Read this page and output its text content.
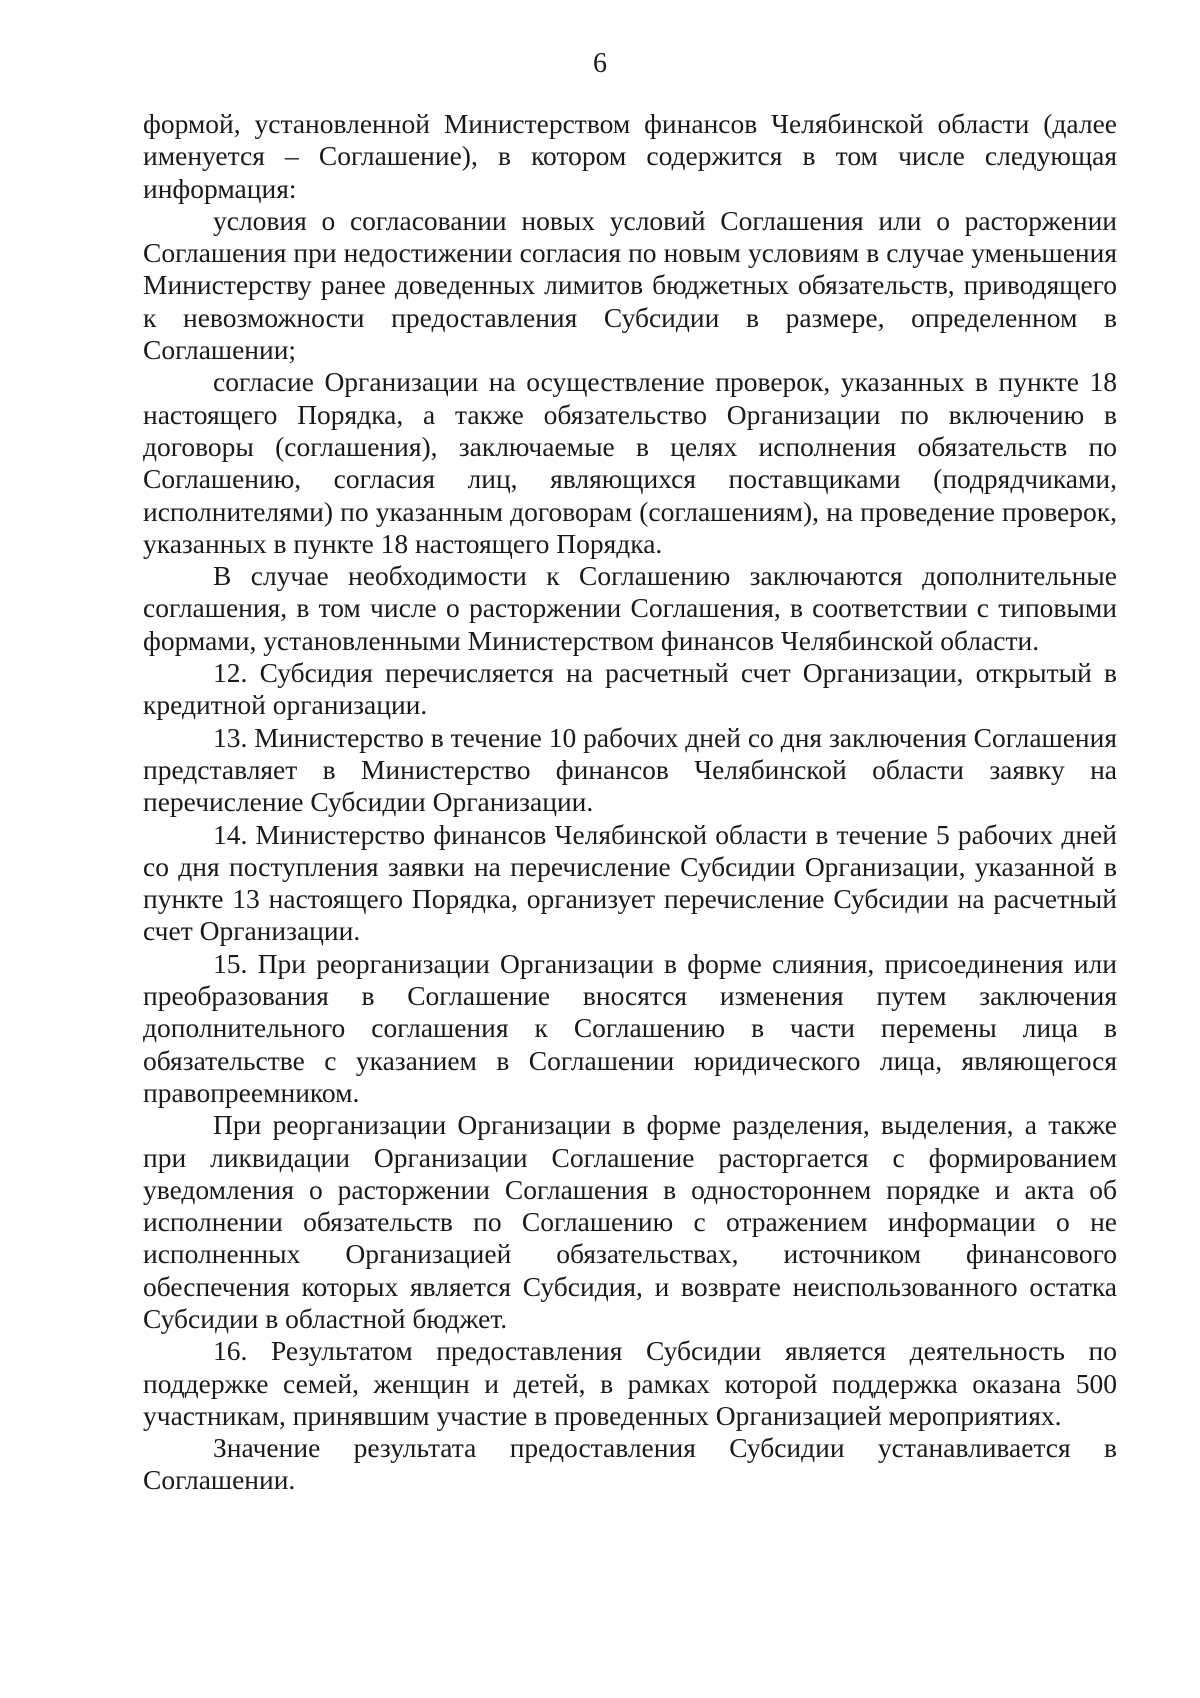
6

формой, установленной Министерством финансов Челябинской области (далее именуется – Соглашение), в котором содержится в том числе следующая информация:

условия о согласовании новых условий Соглашения или о расторжении Соглашения при недостижении согласия по новым условиям в случае уменьшения Министерству ранее доведенных лимитов бюджетных обязательств, приводящего к невозможности предоставления Субсидии в размере, определенном в Соглашении;

согласие Организации на осуществление проверок, указанных в пункте 18 настоящего Порядка, а также обязательство Организации по включению в договоры (соглашения), заключаемые в целях исполнения обязательств по Соглашению, согласия лиц, являющихся поставщиками (подрядчиками, исполнителями) по указанным договорам (соглашениям), на проведение проверок, указанных в пункте 18 настоящего Порядка.

В случае необходимости к Соглашению заключаются дополнительные соглашения, в том числе о расторжении Соглашения, в соответствии с типовыми формами, установленными Министерством финансов Челябинской области.

12. Субсидия перечисляется на расчетный счет Организации, открытый в кредитной организации.

13. Министерство в течение 10 рабочих дней со дня заключения Соглашения представляет в Министерство финансов Челябинской области заявку на перечисление Субсидии Организации.

14. Министерство финансов Челябинской области в течение 5 рабочих дней со дня поступления заявки на перечисление Субсидии Организации, указанной в пункте 13 настоящего Порядка, организует перечисление Субсидии на расчетный счет Организации.

15. При реорганизации Организации в форме слияния, присоединения или преобразования в Соглашение вносятся изменения путем заключения дополнительного соглашения к Соглашению в части перемены лица в обязательстве с указанием в Соглашении юридического лица, являющегося правопреемником.

При реорганизации Организации в форме разделения, выделения, а также при ликвидации Организации Соглашение расторгается с формированием уведомления о расторжении Соглашения в одностороннем порядке и акта об исполнении обязательств по Соглашению с отражением информации о не исполненных Организацией обязательствах, источником финансового обеспечения которых является Субсидия, и возврате неиспользованного остатка Субсидии в областной бюджет.

16. Результатом предоставления Субсидии является деятельность по поддержке семей, женщин и детей, в рамках которой поддержка оказана 500 участникам, принявшим участие в проведенных Организацией мероприятиях.

Значение результата предоставления Субсидии устанавливается в Соглашении.
